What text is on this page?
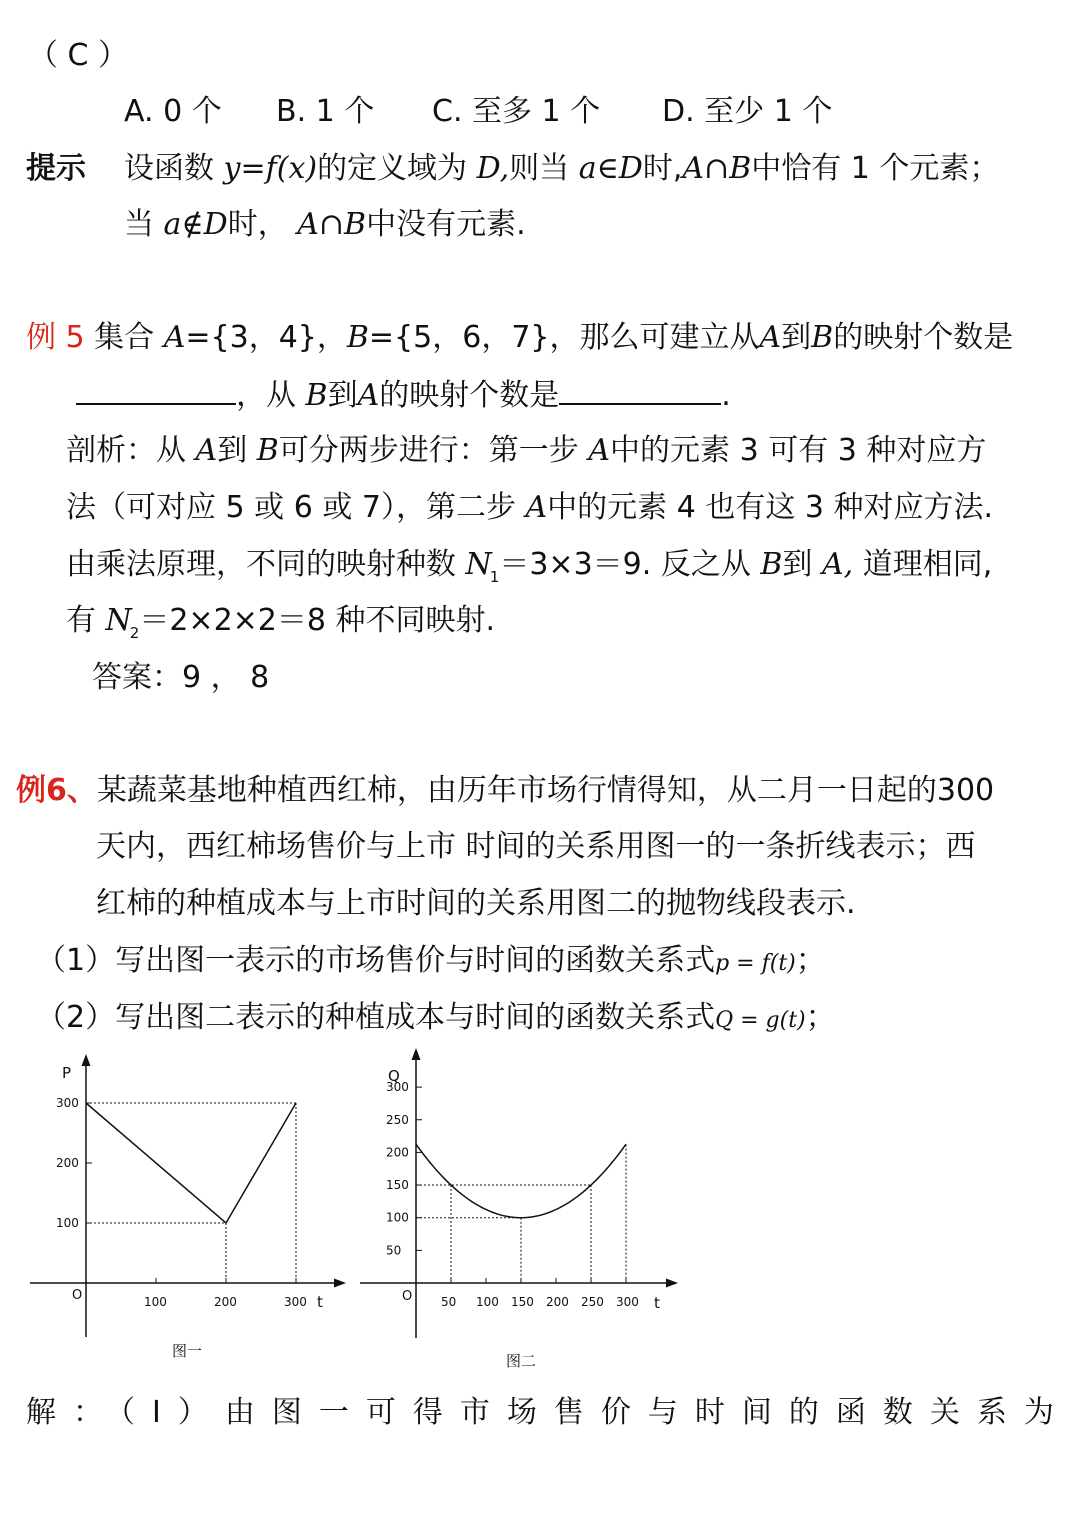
（ C ）
A. 0 个 B. 1 个 C. 至多 1 个 D. 至少 1 个
提示 设函数 y=f(x)的定义域为 D,则当 a∈D时,A∩B中恰有 1 个元素；
当 a∉D时， A∩B中没有元素.
例 5 集合 A={3，4}，B={5，6，7}，那么可建立从A到B的映射个数是
，从 B到A的映射个数是	.
剖析：从 A到 B可分两步进行：第一步 A中的元素 3 可有 3 种对应方
法（可对应 5 或 6 或 7），第二步 A中的元素 4 也有这 3 种对应方法.
由乘法原理，不同的映射种数 $N_1=3\times 3=9$. 反之从 B到 A, 道理相同,
有 $N_2=2\times 2\times 2=8$ 种不同映射.
答案：9 ， 8
例6、某蔬菜基地种植西红柿，由历年市场行情得知，从二月一日起的300
天内，西红柿场售价与上市 时间的关系用图一的一条折线表示；西
红柿的种植成本与上市时间的关系用图二的抛物线段表示.
（1）写出图一表示的市场售价与时间的函数关系式p = f(t)；
（2）写出图二表示的种植成本与时间的函数关系式Q = g(t)；
P
t
O	100	200	300
100
200
300
图一
Q
t
O 50 100 150 200 250 300
50
100
150
200
250
300
图二
解：（Ⅰ）由图一可得市场售价与时间的函数关系为
